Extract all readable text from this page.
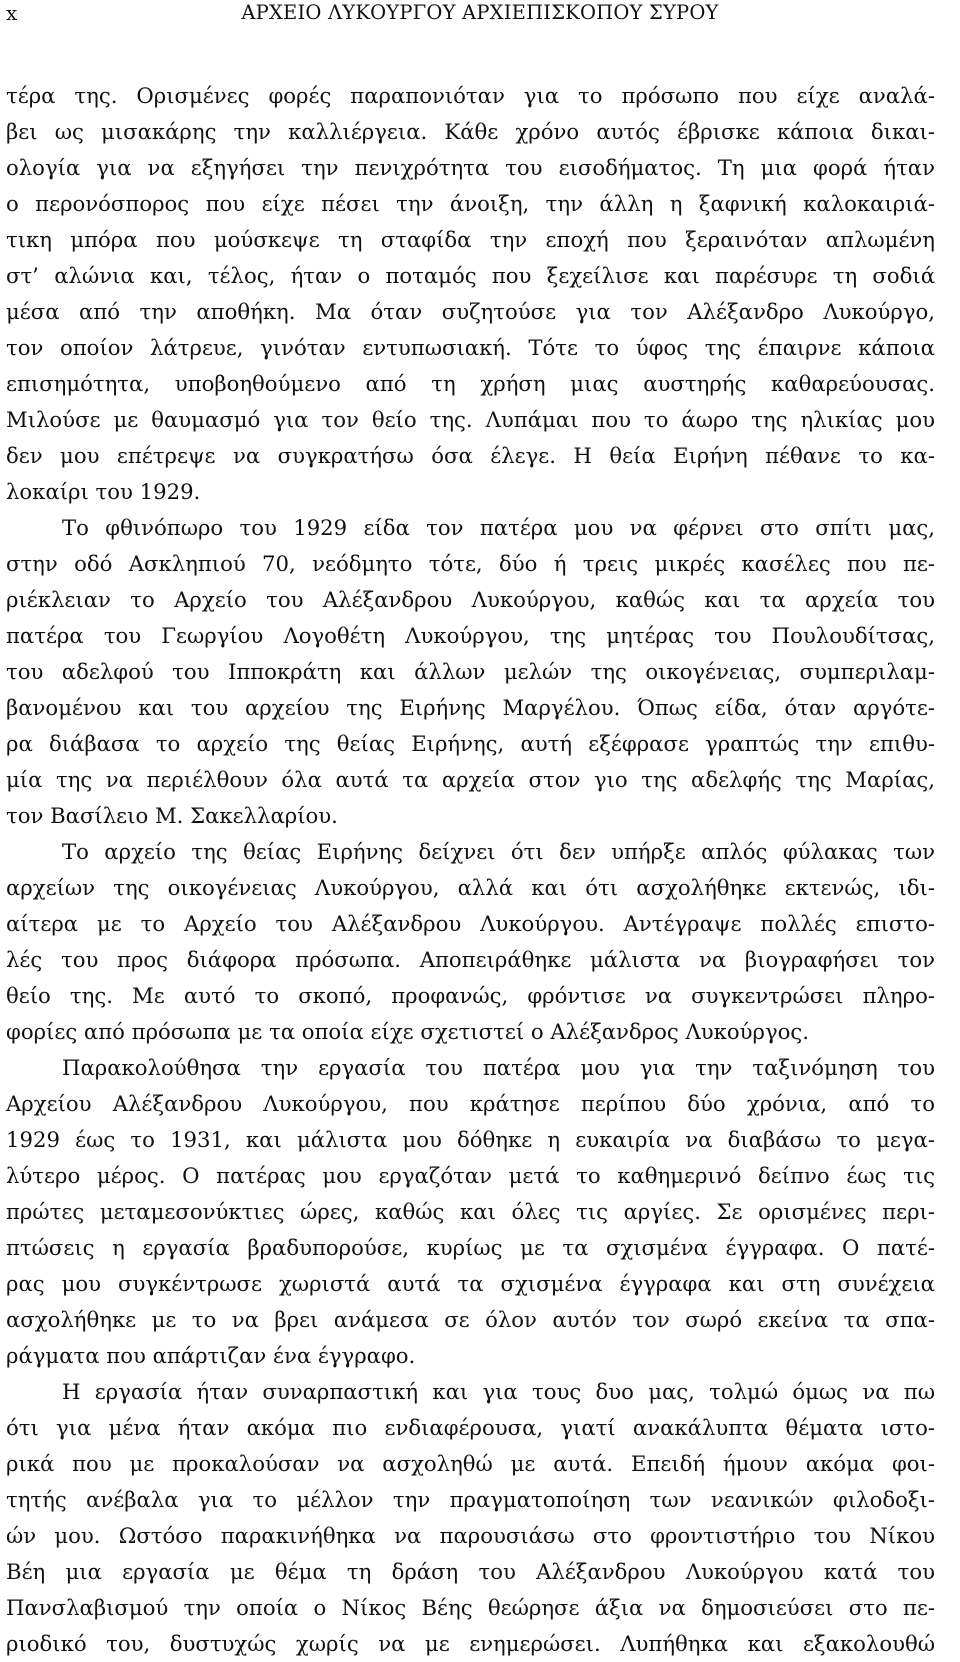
x	ΑΡΧΕΙΟ ΛΥΚΟΥΡΓΟΥ ΑΡΧΙΕΠΙΣΚΟΠΟΥ ΣΥΡΟΥ
τέρα της. Ορισμένες φορές παραπονιόταν για το πρόσωπο που είχε αναλά-
βει ως μισακάρης την καλλιέργεια. Κάθε χρόνο αυτός έβρισκε κάποια δικαι-
ολογία για να εξηγήσει την πενιχρότητα του εισοδήματος. Τη μια φορά ήταν
ο περονόσπορος που είχε πέσει την άνοιξη, την άλλη η ξαφνική καλοκαιριά-
τικη μπόρα που μούσκεψε τη σταφίδα την εποχή που ξεραινόταν απλωμένη
στ’ αλώνια και, τέλος, ήταν ο ποταμός που ξεχείλισε και παρέσυρε τη σοδιά
μέσα από την αποθήκη. Μα όταν συζητούσε για τον Αλέξανδρο Λυκούργο,
τον οποίον λάτρευε, γινόταν εντυπωσιακή. Τότε το ύφος της έπαιρνε κάποια
επισημότητα, υποβοηθούμενο από τη χρήση μιας αυστηρής καθαρεύουσας.
Μιλούσε με θαυμασμό για τον θείο της. Λυπάμαι που το άωρο της ηλικίας μου
δεν μου επέτρεψε να συγκρατήσω όσα έλεγε. Η θεία Ειρήνη πέθανε το κα-
λοκαίρι του 1929.
Το φθινόπωρο του 1929 είδα τον πατέρα μου να φέρνει στο σπίτι μας,
στην οδό Ασκληπιού 70, νεόδμητο τότε, δύο ή τρεις μικρές κασέλες που πε-
ριέκλειαν το Αρχείο του Αλέξανδρου Λυκούργου, καθώς και τα αρχεία του
πατέρα του Γεωργίου Λογοθέτη Λυκούργου, της μητέρας του Πουλουδίτσας,
του αδελφού του Ιπποκράτη και άλλων μελών της οικογένειας, συμπεριλαμ-
βανομένου και του αρχείου της Ειρήνης Μαργέλου. Όπως είδα, όταν αργότε-
ρα διάβασα το αρχείο της θείας Ειρήνης, αυτή εξέφρασε γραπτώς την επιθυ-
μία της να περιέλθουν όλα αυτά τα αρχεία στον γιο της αδελφής της Μαρίας,
τον Βασίλειο Μ. Σακελλαρίου.
Το αρχείο της θείας Ειρήνης δείχνει ότι δεν υπήρξε απλός φύλακας των
αρχείων της οικογένειας Λυκούργου, αλλά και ότι ασχολήθηκε εκτενώς, ιδι-
αίτερα με το Αρχείο του Αλέξανδρου Λυκούργου. Αντέγραψε πολλές επιστο-
λές του προς διάφορα πρόσωπα. Αποπειράθηκε μάλιστα να βιογραφήσει τον
θείο της. Με αυτό το σκοπό, προφανώς, φρόντισε να συγκεντρώσει πληρο-
φορίες από πρόσωπα με τα οποία είχε σχετιστεί ο Αλέξανδρος Λυκούργος.
Παρακολούθησα την εργασία του πατέρα μου για την ταξινόμηση του
Αρχείου Αλέξανδρου Λυκούργου, που κράτησε περίπου δύο χρόνια, από το
1929 έως το 1931, και μάλιστα μου δόθηκε η ευκαιρία να διαβάσω το μεγα-
λύτερο μέρος. Ο πατέρας μου εργαζόταν μετά το καθημερινό δείπνο έως τις
πρώτες μεταμεσονύκτιες ώρες, καθώς και όλες τις αργίες. Σε ορισμένες περι-
πτώσεις η εργασία βραδυπορούσε, κυρίως με τα σχισμένα έγγραφα. Ο πατέ-
ρας μου συγκέντρωσε χωριστά αυτά τα σχισμένα έγγραφα και στη συνέχεια
ασχολήθηκε με το να βρει ανάμεσα σε όλον αυτόν τον σωρό εκείνα τα σπα-
ράγματα που απάρτιζαν ένα έγγραφο.
Η εργασία ήταν συναρπαστική και για τους δυο μας, τολμώ όμως να πω
ότι για μένα ήταν ακόμα πιο ενδιαφέρουσα, γιατί ανακάλυπτα θέματα ιστο-
ρικά που με προκαλούσαν να ασχοληθώ με αυτά. Επειδή ήμουν ακόμα φοι-
τητής ανέβαλα για το μέλλον την πραγματοποίηση των νεανικών φιλοδοξι-
ών μου. Ωστόσο παρακινήθηκα να παρουσιάσω στο φροντιστήριο του Νίκου
Βέη μια εργασία με θέμα τη δράση του Αλέξανδρου Λυκούργου κατά του
Πανσλαβισμού την οποία ο Νίκος Βέης θεώρησε άξια να δημοσιεύσει στο πε-
ριοδικό του, δυστυχώς χωρίς να με ενημερώσει. Λυπήθηκα και εξακολουθώ
